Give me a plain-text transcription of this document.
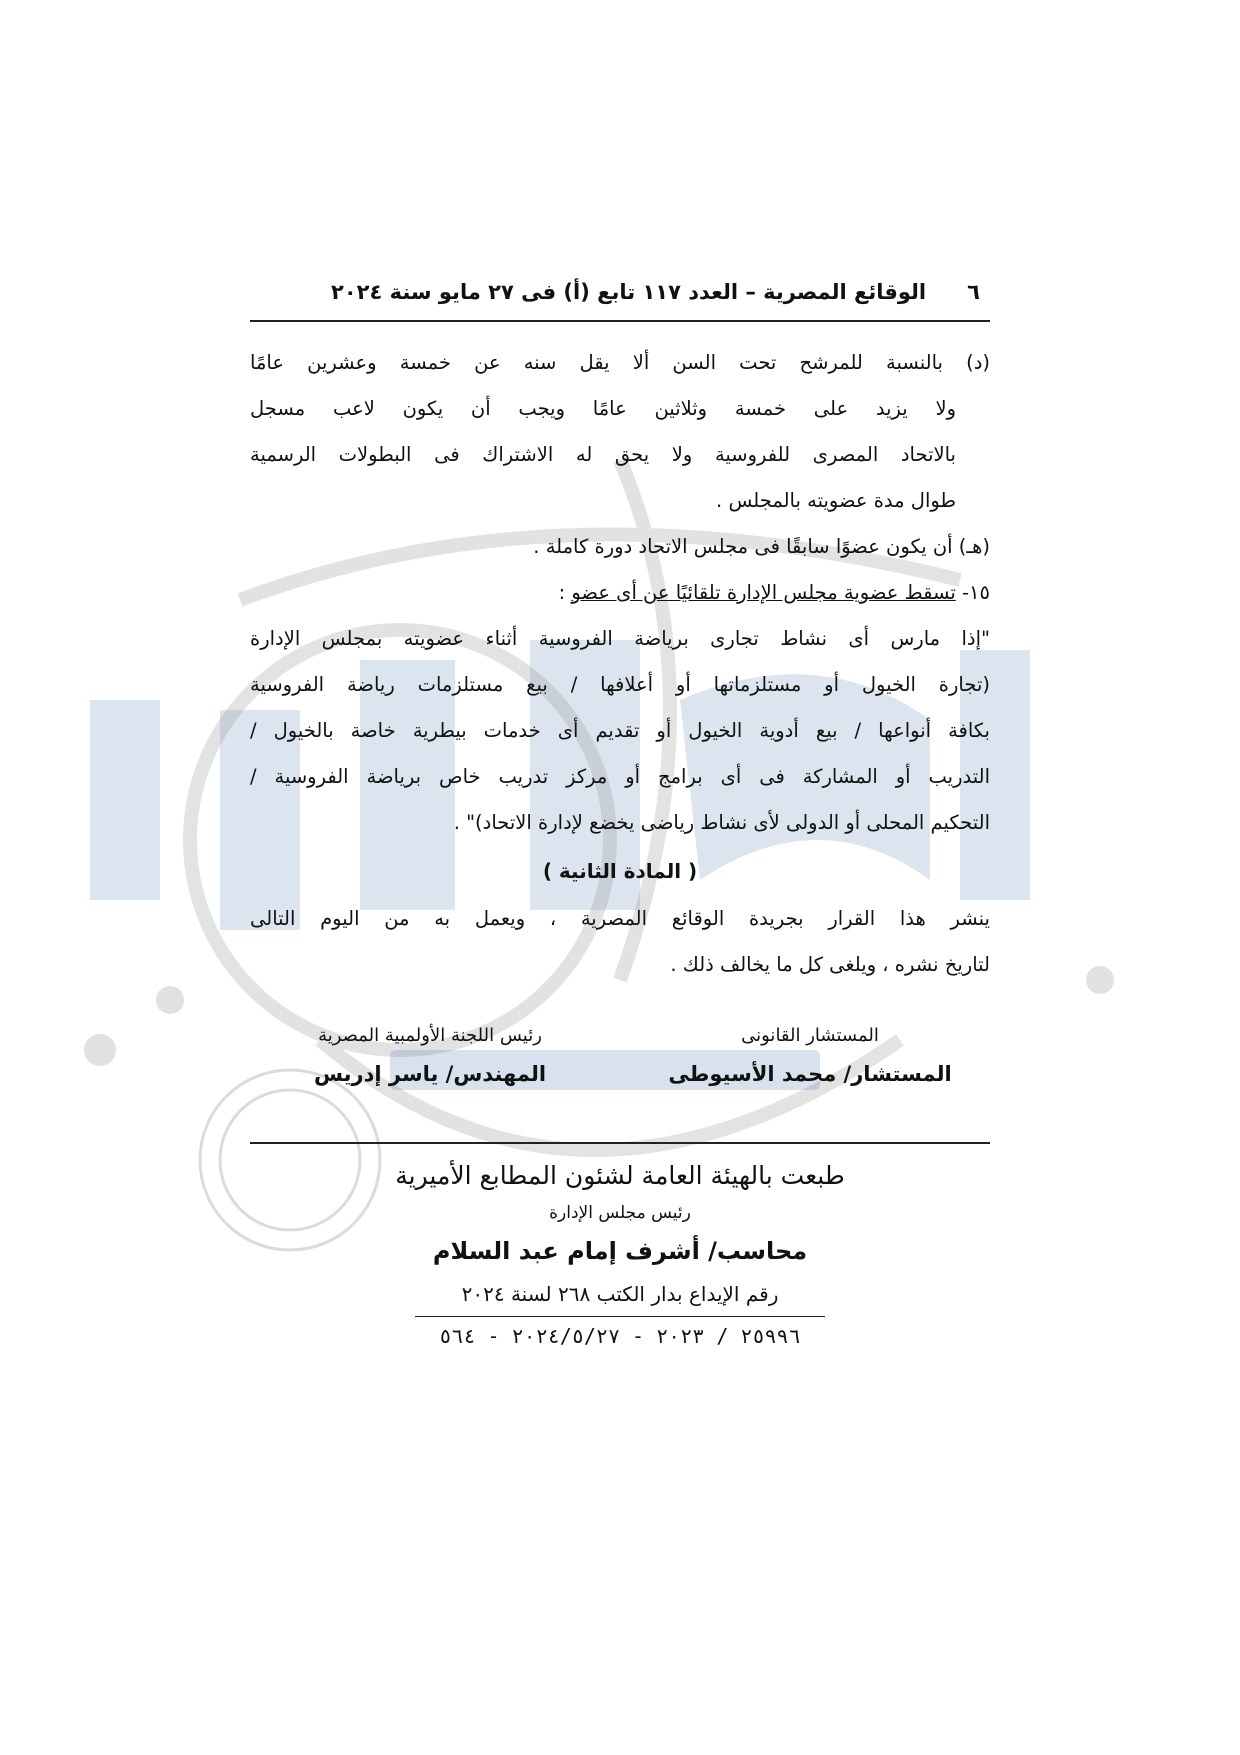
٦
الوقائع المصرية – العدد ١١٧ تابع (أ) فى ٢٧ مايو سنة ٢٠٢٤
(د) بالنسبة للمرشح تحت السن ألا يقل سنه عن خمسة وعشرين عامًا
ولا يزيد على خمسة وثلاثين عامًا ويجب أن يكون لاعب مسجل
بالاتحاد المصرى للفروسية ولا يحق له الاشتراك فى البطولات الرسمية
طوال مدة عضويته بالمجلس .
(هـ) أن يكون عضوًا سابقًا فى مجلس الاتحاد دورة كاملة .
١٥- تسقط عضوية مجلس الإدارة تلقائيًا عن أى عضو :
"إذا مارس أى نشاط تجارى برياضة الفروسية أثناء عضويته بمجلس الإدارة
(تجارة الخيول أو مستلزماتها أو أعلافها / بيع مستلزمات رياضة الفروسية
بكافة أنواعها / بيع أدوية الخيول أو تقديم أى خدمات بيطرية خاصة بالخيول /
التدريب أو المشاركة فى أى برامج أو مركز تدريب خاص برياضة الفروسية /
التحكيم المحلى أو الدولى لأى نشاط رياضى يخضع لإدارة الاتحاد)" .
( المادة الثانية )
ينشر هذا القرار بجريدة الوقائع المصرية ، ويعمل به من اليوم التالى
لتاريخ نشره ، ويلغى كل ما يخالف ذلك .
المستشار القانونى
المستشار/ محمد الأسيوطى
رئيس اللجنة الأولمبية المصرية
المهندس/ ياسر إدريس
طبعت بالهيئة العامة لشئون المطابع الأميرية
رئيس مجلس الإدارة
محاسب/ أشرف إمام عبد السلام
رقم الإيداع بدار الكتب ٢٦٨ لسنة ٢٠٢٤
٢٥٩٩٦ / ٢٠٢٣ - ٢٠٢٤/٥/٢٧ - ٥٦٤
